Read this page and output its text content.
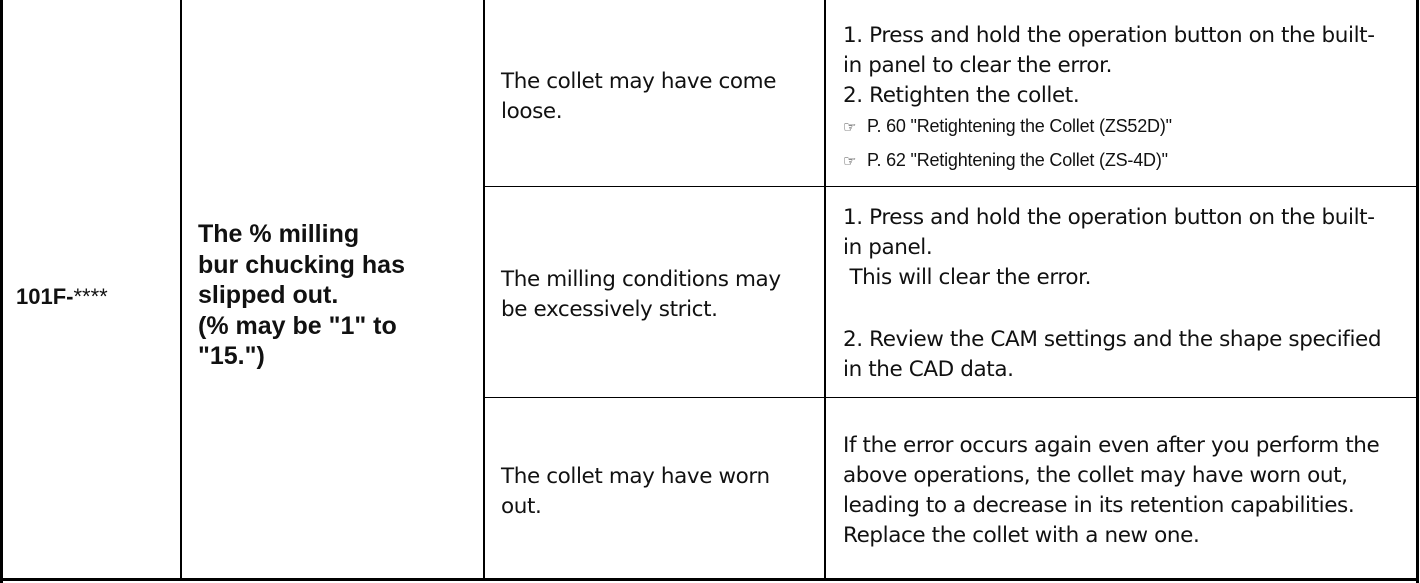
101F-****
The % milling
bur chucking has
slipped out.
(% may be "1" to
"15.")
The collet may have come
loose.
1. Press and hold the operation button on the built-
in panel to clear the error.
2. Retighten the collet.
☞ P. 60 "Retightening the Collet (ZS52D)"
☞ P. 62 "Retightening the Collet (ZS-4D)"
The milling conditions may
be excessively strict.
1. Press and hold the operation button on the built-
in panel.
This will clear the error.
2. Review the CAM settings and the shape specified
in the CAD data.
The collet may have worn
out.
If the error occurs again even after you perform the
above operations, the collet may have worn out,
leading to a decrease in its retention capabilities.
Replace the collet with a new one.
